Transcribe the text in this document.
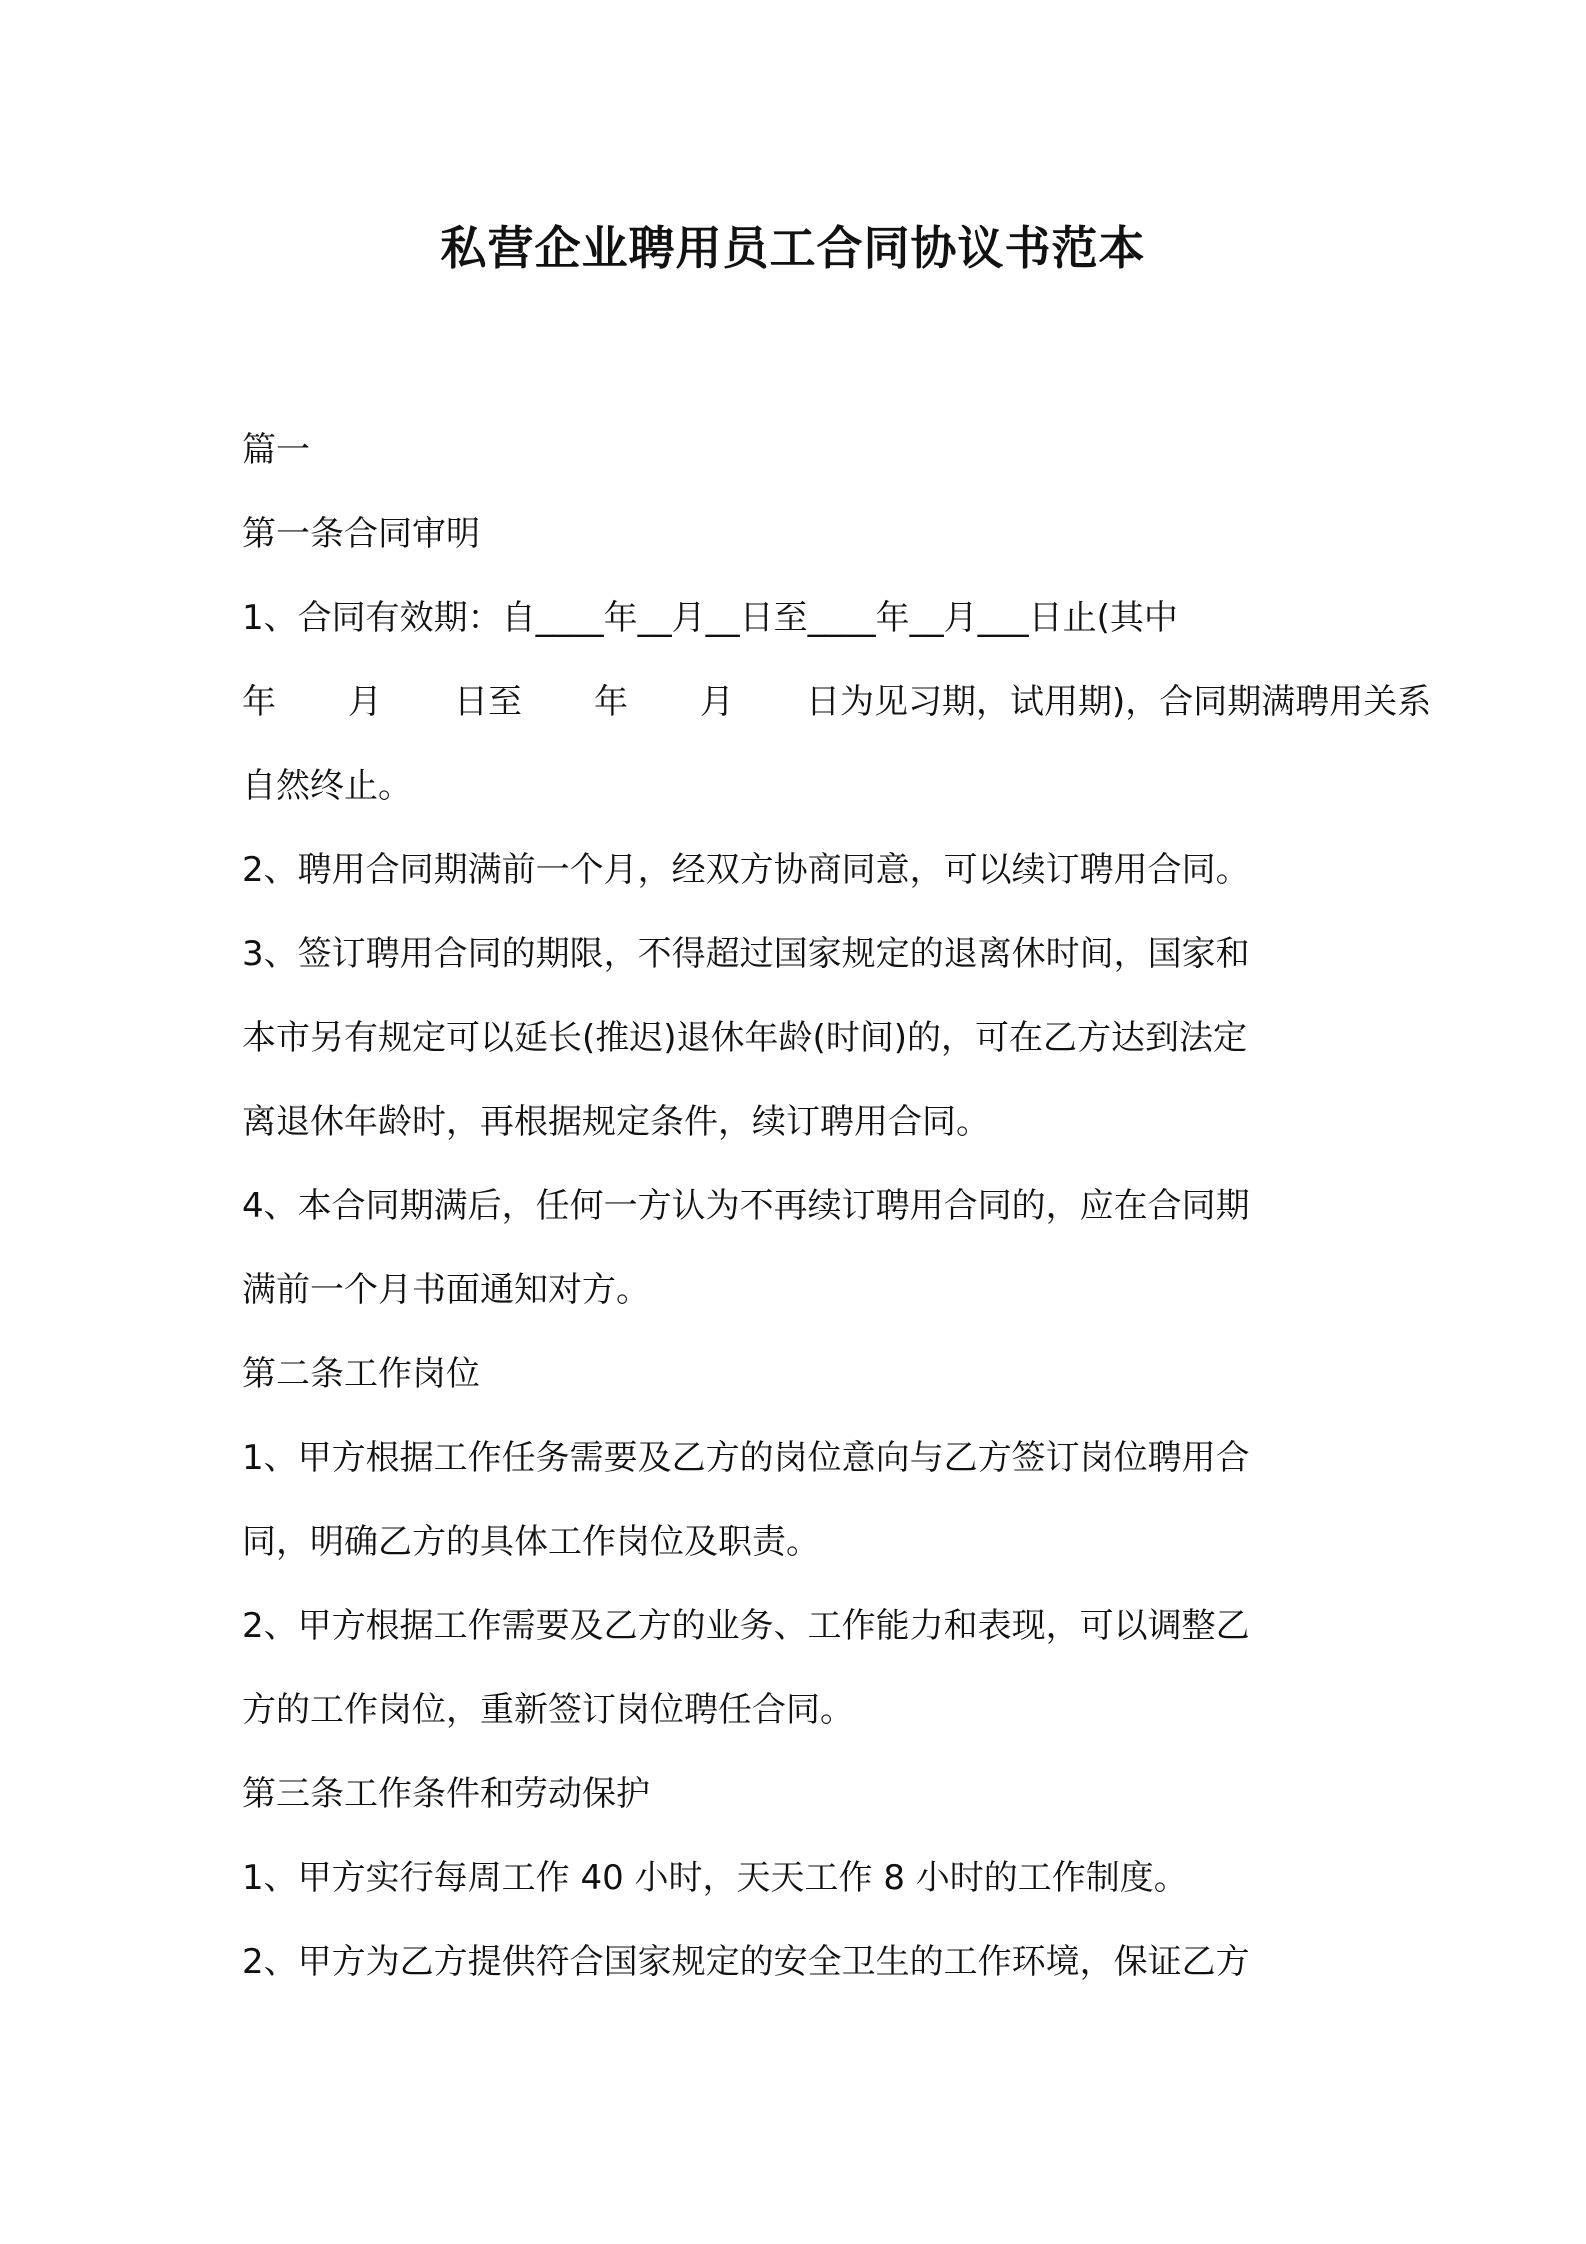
私营企业聘用员工合同协议书范本
篇一
第一条合同审明
1、合同有效期：自____年__月__日至____年__月___日止(其中
年 月 日至 年 月 日为见习期，试用期)，合同期满聘用关系
自然终止。
2、聘用合同期满前一个月，经双方协商同意，可以续订聘用合同。
3、签订聘用合同的期限，不得超过国家规定的退离休时间，国家和
本市另有规定可以延长(推迟)退休年龄(时间)的，可在乙方达到法定
离退休年龄时，再根据规定条件，续订聘用合同。
4、本合同期满后，任何一方认为不再续订聘用合同的，应在合同期
满前一个月书面通知对方。
第二条工作岗位
1、甲方根据工作任务需要及乙方的岗位意向与乙方签订岗位聘用合
同，明确乙方的具体工作岗位及职责。
2、甲方根据工作需要及乙方的业务、工作能力和表现，可以调整乙
方的工作岗位，重新签订岗位聘任合同。
第三条工作条件和劳动保护
1、甲方实行每周工作 40 小时，天天工作 8 小时的工作制度。
2、甲方为乙方提供符合国家规定的安全卫生的工作环境，保证乙方
